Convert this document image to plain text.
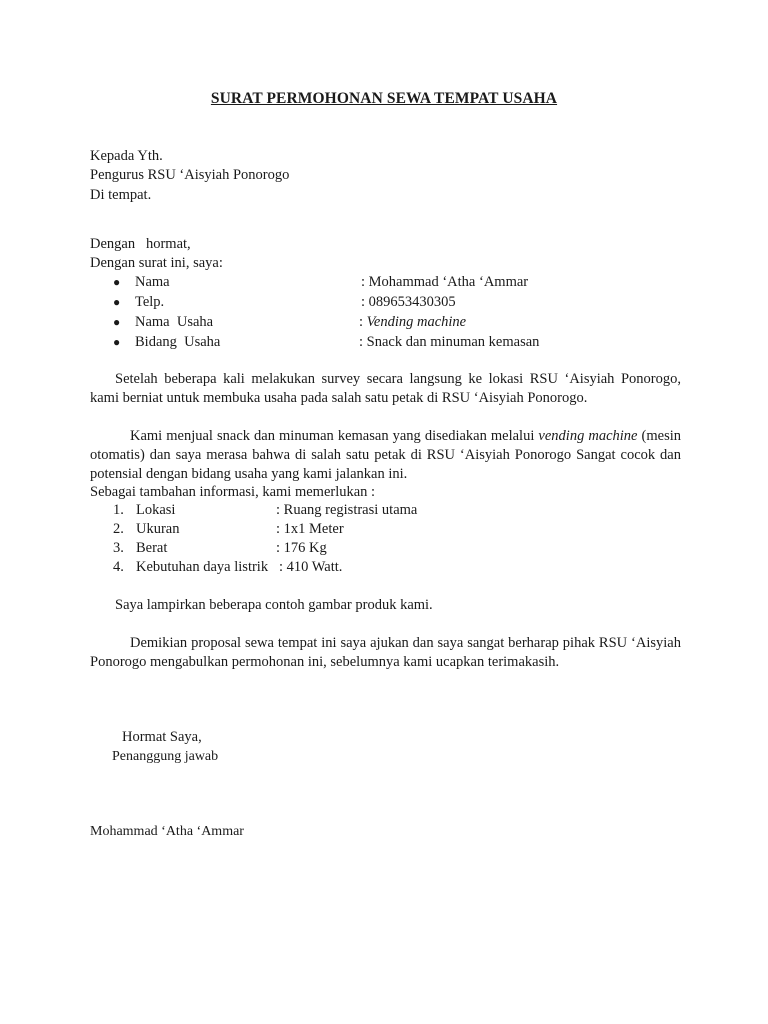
SURAT PERMOHONAN SEWA TEMPAT USAHA
Kepada Yth.
Pengurus RSU ‘Aisyiah Ponorogo
Di tempat.
Dengan   hormat,
Dengan surat ini, saya:
● Nama	: Mohammad ‘Atha ‘Ammar
● Telp.	: 089653430305
● Nama  Usaha	: Vending machine
● Bidang  Usaha	: Snack dan minuman kemasan
Setelah beberapa kali melakukan survey secara langsung ke lokasi RSU ‘Aisyiah Ponorogo, kami berniat untuk membuka usaha pada salah satu petak di RSU ‘Aisyiah Ponorogo.
Kami menjual snack dan minuman kemasan yang disediakan melalui vending machine (mesin otomatis) dan saya merasa bahwa di salah satu petak di RSU ‘Aisyiah Ponorogo Sangat cocok dan potensial dengan bidang usaha yang kami jalankan ini.
Sebagai tambahan informasi, kami memerlukan :
1. Lokasi	: Ruang registrasi utama
2. Ukuran	: 1x1 Meter
3. Berat	: 176 Kg
4. Kebutuhan daya listrik : 410 Watt.
Saya lampirkan beberapa contoh gambar produk kami.
Demikian proposal sewa tempat ini saya ajukan dan saya sangat berharap pihak RSU ‘Aisyiah Ponorogo mengabulkan permohonan ini, sebelumnya kami ucapkan terimakasih.
Hormat Saya,
Penanggung jawab
Mohammad ‘Atha ‘Ammar
